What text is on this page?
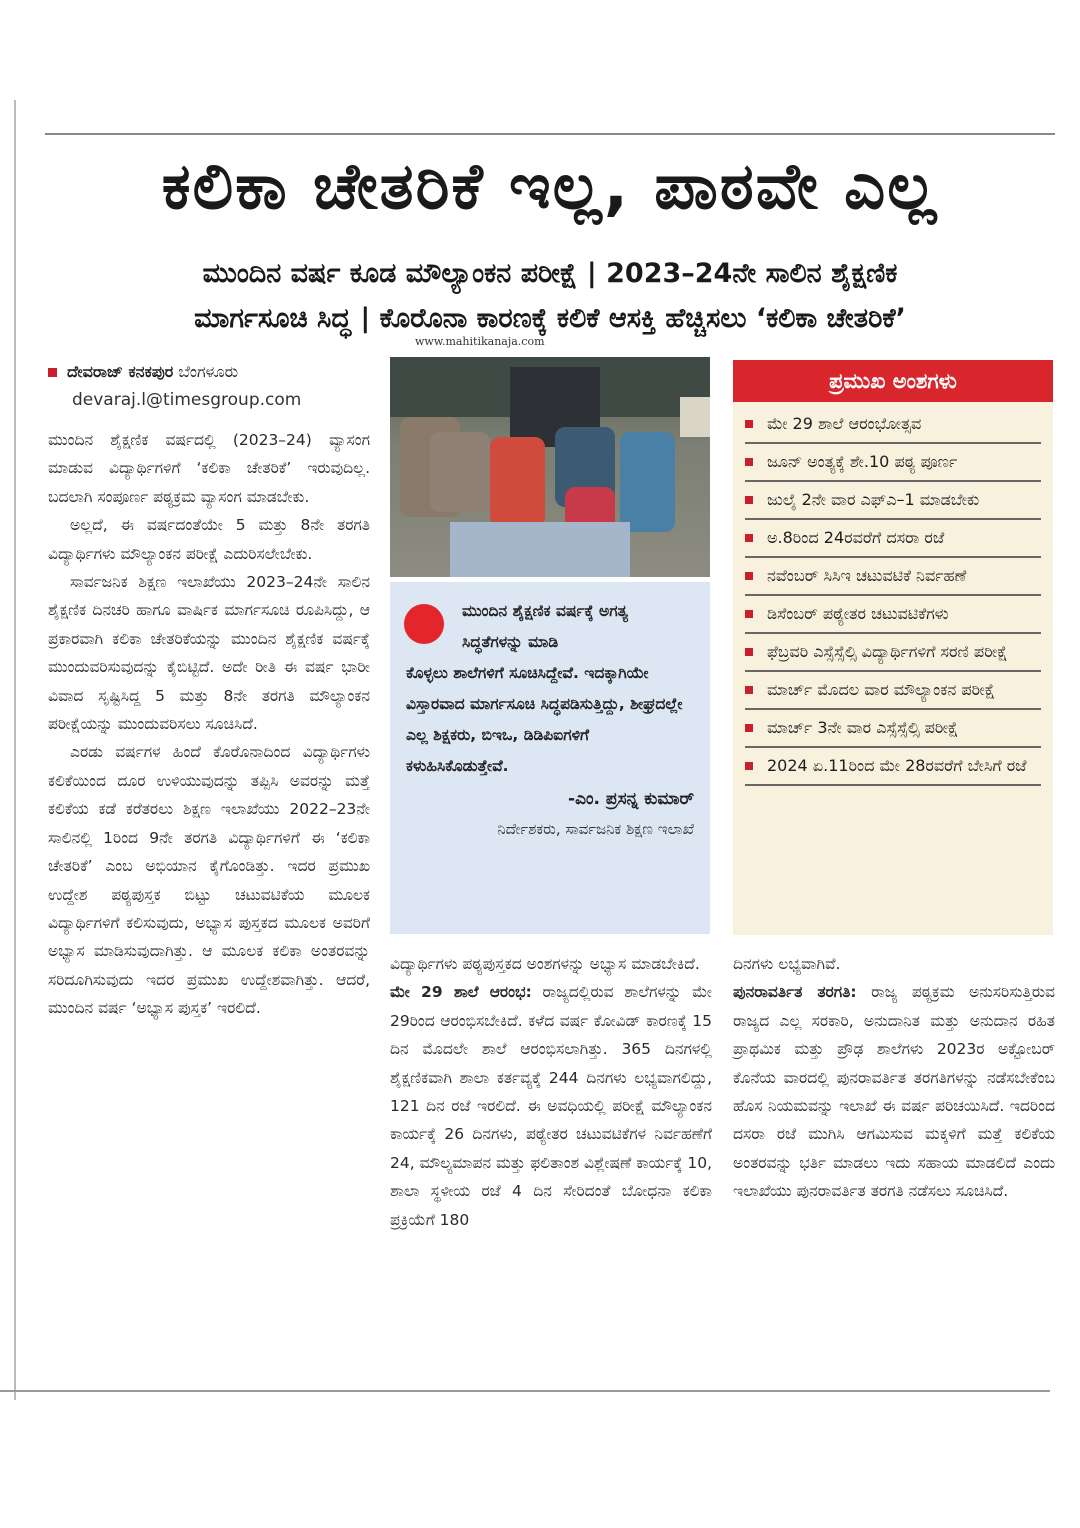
ಕಲಿಕಾ ಚೇತರಿಕೆ ಇಲ್ಲ, ಪಾಠವೇ ಎಲ್ಲ
ಮುಂದಿನ ವರ್ಷ ಕೂಡ ಮೌಲ್ಯಾಂಕನ ಪರೀಕ್ಷೆ | 2023–24ನೇ ಸಾಲಿನ ಶೈಕ್ಷಣಿಕ
ಮಾರ್ಗಸೂಚಿ ಸಿದ್ಧ | ಕೊರೊನಾ ಕಾರಣಕ್ಕೆ ಕಲಿಕೆ ಆಸಕ್ತಿ ಹೆಚ್ಚಿಸಲು ‘ಕಲಿಕಾ ಚೇತರಿಕೆ’
www.mahitikanaja.com
ದೇವರಾಜ್ ಕನಕಪುರ ಬೆಂಗಳೂರು
devaraj.l@timesgroup.com

ಮುಂದಿನ ಶೈಕ್ಷಣಿಕ ವರ್ಷದಲ್ಲಿ (2023–24) ವ್ಯಾಸಂಗ ಮಾಡುವ ವಿದ್ಯಾರ್ಥಿಗಳಿಗೆ ‘ಕಲಿಕಾ ಚೇತರಿಕೆ’ ಇರುವುದಿಲ್ಲ. ಬದಲಾಗಿ ಸಂಪೂರ್ಣ ಪಠ್ಯಕ್ರಮ ವ್ಯಾಸಂಗ ಮಾಡಬೇಕು.

ಅಲ್ಲದೆ, ಈ ವರ್ಷದಂತೆಯೇ 5 ಮತ್ತು 8ನೇ ತರಗತಿ ವಿದ್ಯಾರ್ಥಿಗಳು ಮೌಲ್ಯಾಂಕನ ಪರೀಕ್ಷೆ ಎದುರಿಸಲೇಬೇಕು.

ಸಾರ್ವಜನಿಕ ಶಿಕ್ಷಣ ಇಲಾಖೆಯು 2023–24ನೇ ಸಾಲಿನ ಶೈಕ್ಷಣಿಕ ದಿನಚರಿ ಹಾಗೂ ವಾರ್ಷಿಕ ಮಾರ್ಗಸೂಚಿ ರೂಪಿಸಿದ್ದು, ಆ ಪ್ರಕಾರವಾಗಿ ಕಲಿಕಾ ಚೇತರಿಕೆಯನ್ನು ಮುಂದಿನ ಶೈಕ್ಷಣಿಕ ವರ್ಷಕ್ಕೆ ಮುಂದುವರಿಸುವುದನ್ನು ಕೈಬಿಟ್ಟಿದೆ. ಅದೇ ರೀತಿ ಈ ವರ್ಷ ಭಾರೀ ವಿವಾದ ಸೃಷ್ಟಿಸಿದ್ದ 5 ಮತ್ತು 8ನೇ ತರಗತಿ ಮೌಲ್ಯಾಂಕನ ಪರೀಕ್ಷೆಯನ್ನು ಮುಂದುವರಿಸಲು ಸೂಚಿಸಿದೆ.

ಎರಡು ವರ್ಷಗಳ ಹಿಂದೆ ಕೊರೊನಾದಿಂದ ವಿದ್ಯಾರ್ಥಿಗಳು ಕಲಿಕೆಯಿಂದ ದೂರ ಉಳಿಯುವುದನ್ನು ತಪ್ಪಿಸಿ ಅವರನ್ನು ಮತ್ತೆ ಕಲಿಕೆಯ ಕಡೆ ಕರೆತರಲು ಶಿಕ್ಷಣ ಇಲಾಖೆಯು 2022–23ನೇ ಸಾಲಿನಲ್ಲಿ 1ರಿಂದ 9ನೇ ತರಗತಿ ವಿದ್ಯಾರ್ಥಿಗಳಿಗೆ ಈ ‘ಕಲಿಕಾ ಚೇತರಿಕೆ’ ಎಂಬ ಅಭಿಯಾನ ಕೈಗೊಂಡಿತ್ತು. ಇದರ ಪ್ರಮುಖ ಉದ್ದೇಶ ಪಠ್ಯಪುಸ್ತಕ ಬಿಟ್ಟು ಚಟುವಟಿಕೆಯ ಮೂಲಕ ವಿದ್ಯಾರ್ಥಿಗಳಿಗೆ ಕಲಿಸುವುದು, ಅಭ್ಯಾಸ ಪುಸ್ತಕದ ಮೂಲಕ ಅವರಿಗೆ ಅಭ್ಯಾಸ ಮಾಡಿಸುವುದಾಗಿತ್ತು. ಆ ಮೂಲಕ ಕಲಿಕಾ ಅಂತರವನ್ನು ಸರಿದೂಗಿಸುವುದು ಇದರ ಪ್ರಮುಖ ಉದ್ದೇಶವಾಗಿತ್ತು. ಆದರೆ, ಮುಂದಿನ ವರ್ಷ ‘ಅಭ್ಯಾಸ ಪುಸ್ತಕ’ ಇರಲಿದೆ.

ಮುಂದಿನ ಶೈಕ್ಷಣಿಕ ವರ್ಷಕ್ಕೆ ಅಗತ್ಯ ಸಿದ್ಧತೆಗಳನ್ನು ಮಾಡಿ
ಕೊಳ್ಳಲು ಶಾಲೆಗಳಿಗೆ ಸೂಚಿಸಿದ್ದೇವೆ. ಇದಕ್ಕಾಗಿಯೇ ವಿಸ್ತಾರವಾದ ಮಾರ್ಗಸೂಚಿ ಸಿದ್ಧಪಡಿಸುತ್ತಿದ್ದು, ಶೀಘ್ರದಲ್ಲೇ ಎಲ್ಲ ಶಿಕ್ಷಕರು, ಬಿಇಒ, ಡಿಡಿಪಿಐಗಳಿಗೆ ಕಳುಹಿಸಿಕೊಡುತ್ತೇವೆ.
-ಎಂ. ಪ್ರಸನ್ನ ಕುಮಾರ್
ನಿರ್ದೇಶಕರು, ಸಾರ್ವಜನಿಕ ಶಿಕ್ಷಣ ಇಲಾಖೆ
ಪ್ರಮುಖ ಅಂಶಗಳು
ಮೇ 29 ಶಾಲೆ ಆರಂಭೋತ್ಸವ
ಜೂನ್ ಅಂತ್ಯಕ್ಕೆ ಶೇ.10 ಪಠ್ಯ ಪೂರ್ಣ
ಜುಲೈ 2ನೇ ವಾರ ಎಫ್ಎ–1 ಮಾಡಬೇಕು
ಅ.8ರಿಂದ 24ರವರೆಗೆ ದಸರಾ ರಜೆ
ನವೆಂಬರ್ ಸಿಸಿಇ ಚಟುವಟಿಕೆ ನಿರ್ವಹಣೆ
ಡಿಸೆಂಬರ್ ಪಠ್ಯೇತರ ಚಟುವಟಿಕೆಗಳು
ಫೆಬ್ರವರಿ ಎಸ್ಸೆಸ್ಸೆಲ್ಸಿ ವಿದ್ಯಾರ್ಥಿಗಳಿಗೆ ಸರಣಿ ಪರೀಕ್ಷೆ
ಮಾರ್ಚ್ ಮೊದಲ ವಾರ ಮೌಲ್ಯಾಂಕನ ಪರೀಕ್ಷೆ
ಮಾರ್ಚ್ 3ನೇ ವಾರ ಎಸ್ಸೆಸ್ಸೆಲ್ಸಿ ಪರೀಕ್ಷೆ
2024 ಏ.11ರಿಂದ ಮೇ 28ರವರೆಗೆ ಬೇಸಿಗೆ ರಜೆ

ವಿದ್ಯಾರ್ಥಿಗಳು ಪಠ್ಯಪುಸ್ತಕದ ಅಂಶಗಳನ್ನು ಅಭ್ಯಾಸ ಮಾಡಬೇಕಿದೆ.

ಮೇ 29 ಶಾಲೆ ಆರಂಭ: ರಾಜ್ಯದಲ್ಲಿರುವ ಶಾಲೆಗಳನ್ನು ಮೇ 29ರಿಂದ ಆರಂಭಿಸಬೇಕಿದೆ. ಕಳೆದ ವರ್ಷ ಕೋವಿಡ್ ಕಾರಣಕ್ಕೆ 15 ದಿನ ಮೊದಲೇ ಶಾಲೆ ಆರಂಭಿಸಲಾಗಿತ್ತು. 365 ದಿನಗಳಲ್ಲಿ ಶೈಕ್ಷಣಿಕವಾಗಿ ಶಾಲಾ ಕರ್ತವ್ಯಕ್ಕೆ 244 ದಿನಗಳು ಲಭ್ಯವಾಗಲಿದ್ದು, 121 ದಿನ ರಜೆ ಇರಲಿದೆ. ಈ ಅವಧಿಯಲ್ಲಿ ಪರೀಕ್ಷೆ ಮೌಲ್ಯಾಂಕನ ಕಾರ್ಯಕ್ಕೆ 26 ದಿನಗಳು, ಪಠ್ಯೇತರ ಚಟುವಟಿಕೆಗಳ ನಿರ್ವಹಣೆಗೆ 24, ಮೌಲ್ಯಮಾಪನ ಮತ್ತು ಫಲಿತಾಂಶ ವಿಶ್ಲೇಷಣೆ ಕಾರ್ಯಕ್ಕೆ 10, ಶಾಲಾ ಸ್ಥಳೀಯ ರಜೆ 4 ದಿನ ಸೇರಿದಂತೆ ಬೋಧನಾ ಕಲಿಕಾ ಪ್ರಕ್ರಿಯೆಗೆ 180

ದಿನಗಳು ಲಭ್ಯವಾಗಿವೆ.

ಪುನರಾವರ್ತಿತ ತರಗತಿ: ರಾಜ್ಯ ಪಠ್ಯಕ್ರಮ ಅನುಸರಿಸುತ್ತಿರುವ ರಾಜ್ಯದ ಎಲ್ಲ ಸರಕಾರಿ, ಅನುದಾನಿತ ಮತ್ತು ಅನುದಾನ ರಹಿತ ಪ್ರಾಥಮಿಕ ಮತ್ತು ಪ್ರೌಢ ಶಾಲೆಗಳು 2023ರ ಅಕ್ಟೋಬರ್ ಕೊನೆಯ ವಾರದಲ್ಲಿ ಪುನರಾವರ್ತಿತ ತರಗತಿಗಳನ್ನು ನಡೆಸಬೇಕೆಂಬ ಹೊಸ ನಿಯಮವನ್ನು ಇಲಾಖೆ ಈ ವರ್ಷ ಪರಿಚಯಿಸಿದೆ. ಇದರಿಂದ ದಸರಾ ರಜೆ ಮುಗಿಸಿ ಆಗಮಿಸುವ ಮಕ್ಕಳಿಗೆ ಮತ್ತೆ ಕಲಿಕೆಯ ಅಂತರವನ್ನು ಭರ್ತಿ ಮಾಡಲು ಇದು ಸಹಾಯ ಮಾಡಲಿದೆ ಎಂದು ಇಲಾಖೆಯು ಪುನರಾವರ್ತಿತ ತರಗತಿ ನಡೆಸಲು ಸೂಚಿಸಿದೆ.
